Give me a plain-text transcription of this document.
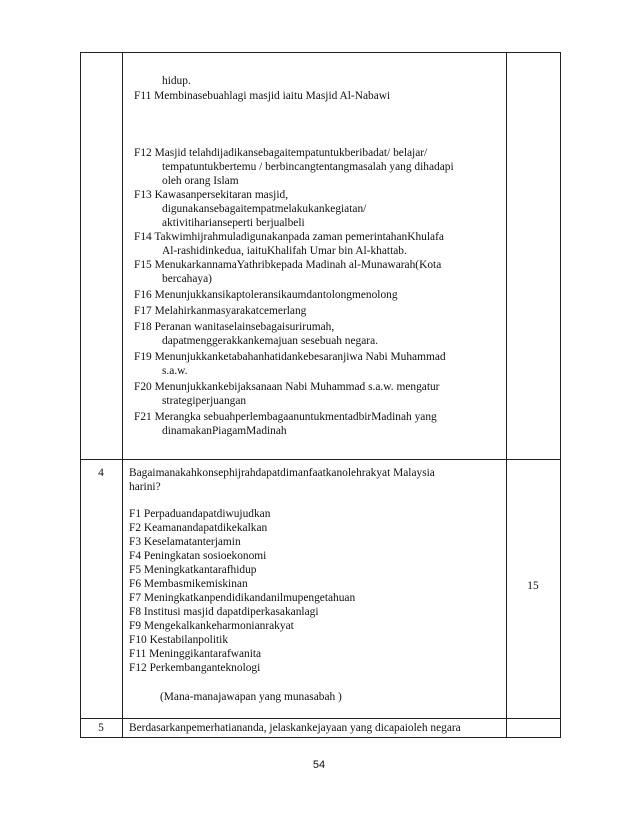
hidup.
F11 Membinasebuahlagi masjid iaitu Masjid Al-Nabawi
F12 Masjid telahdijadikansebagaitempatuntukberibadat/ belajar/
tempatuntukbertemu / berbincangtentangmasalah yang dihadapi
oleh orang Islam
F13 Kawasanpersekitaran masjid,
digunakansebagaitempatmelakukankegiatan/
aktivitiharianseperti berjualbeli
F14 Takwimhijrahmuladigunakanpada zaman pemerintahanKhulafa
Al-rashidinkedua, iaituKhalifah Umar bin Al-khattab.
F15 MenukarkannamaYathribkepada Madinah al-Munawarah(Kota
bercahaya)
F16 Menunjukkansikaptoleransikaumdantolongmenolong
F17 Melahirkanmasyarakatcemerlang
F18 Peranan wanitaselainsebagaisurirumah,
dapatmenggerakkankemajuan sesebuah negara.
F19 Menunjukkanketabahanhatidankebesaranjiwa Nabi Muhammad
s.a.w.
F20 Menunjukkankebijaksanaan Nabi Muhammad s.a.w. mengatur
strategiperjuangan
F21 Merangka sebuahperlembagaanuntukmentadbirMadinah yang
dinamakanPiagamMadinah
4	Bagaimanakahkonsephijrahdapatdimanfaatkanolehrakyat Malaysia
harini?
F1 Perpaduandapatdiwujudkan
F2 Keamanandapatdikekalkan
F3 Keselamatanterjamin
F4 Peningkatan sosioekonomi
F5 Meningkatkantarafhidup
F6 Membasmikemiskinan
F7 Meningkatkanpendidikandanilmupengetahuan
F8 Institusi masjid dapatdiperkasakanlagi
F9 Mengekalkankeharmonianrakyat
F10 Kestabilanpolitik
F11 Meninggikantarafwanita
F12 Perkembanganteknologi
(Mana-manajawapan yang munasabah )
15
5	Berdasarkanpemerhatiananda, jelaskankejayaan yang dicapaioleh negara
54
